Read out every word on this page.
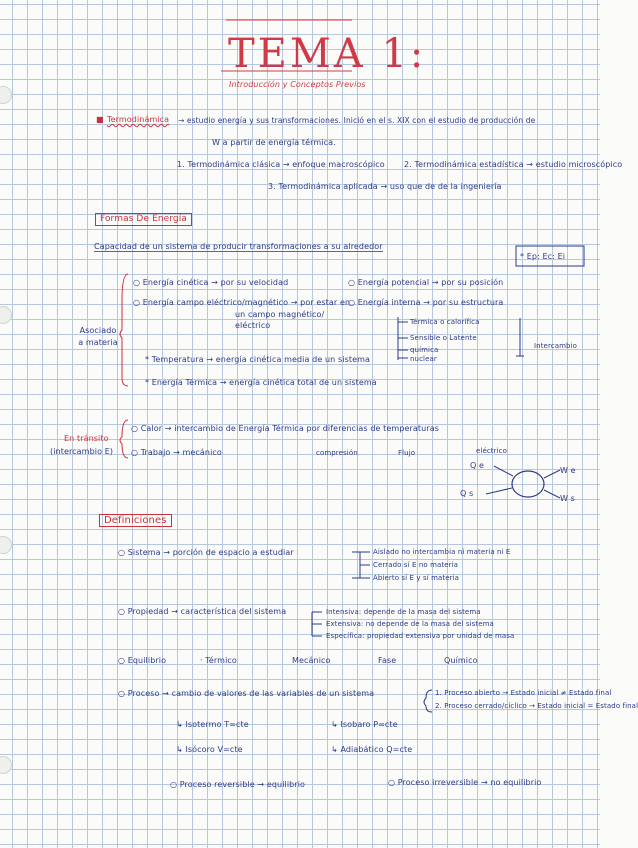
TEMA 1:
Introducción y Conceptos Previos
■ Termodinámica → estudio energía y sus transformaciones. Inició en el s. XIX con el estudio de producción de
W a partir de energía térmica.
1. Termodinámica clásica → enfoque macroscópico 2. Termodinámica estadística → estudio microscópico
3. Termodinámica aplicada → uso que de de la ingeniería
Formas De Energía
Capacidad de un sistema de producir transformaciones a su alrededor
* Ep: Ec: Ei
Asociado a materia
○ Energía cinética → por su velocidad
○ Energía campo eléctrico/magnético → por estar en
un campo magnético/
eléctrico
○ Energía potencial → por su posición
○ Energía interna → por su estructura
Térmica o calorífica
Sensible o Latente
química
nuclear
Intercambio
* Temperatura → energía cinética media de un sistema
* Energía Térmica → energía cinética total de un sistema
En tránsito
(intercambio E)
○ Calor → intercambio de Energía Térmica por diferencias de temperaturas
○ Trabajo → mecánico	compresión	Flujo	eléctrico
Q e
Q s
W e
W s
Definiciones
○ Sistema → porción de espacio a estudiar	Aislado no intercambia ni materia ni E
Cerrado sí E no materia
Abierto sí E y sí materia
○ Propiedad → característica del sistema	Intensiva: depende de la masa del sistema
Extensiva: no depende de la masa del sistema
Específica: propiedad extensiva por unidad de masa
○ Equilibrio	· Térmico	Mecánico	Fase	Químico
○ Proceso → cambio de valores de las variables de un sistema	1. Proceso abierto → Estado inicial ≠ Estado final
2. Proceso cerrado/cíclico → Estado inicial = Estado final
↳ Isotermo T=cte
↳ Isócoro V=cte
↳ Isobaro P=cte
↳ Adiabático Q=cte
○ Proceso reversible → equilibrio	○ Proceso irreversible → no equilibrio
